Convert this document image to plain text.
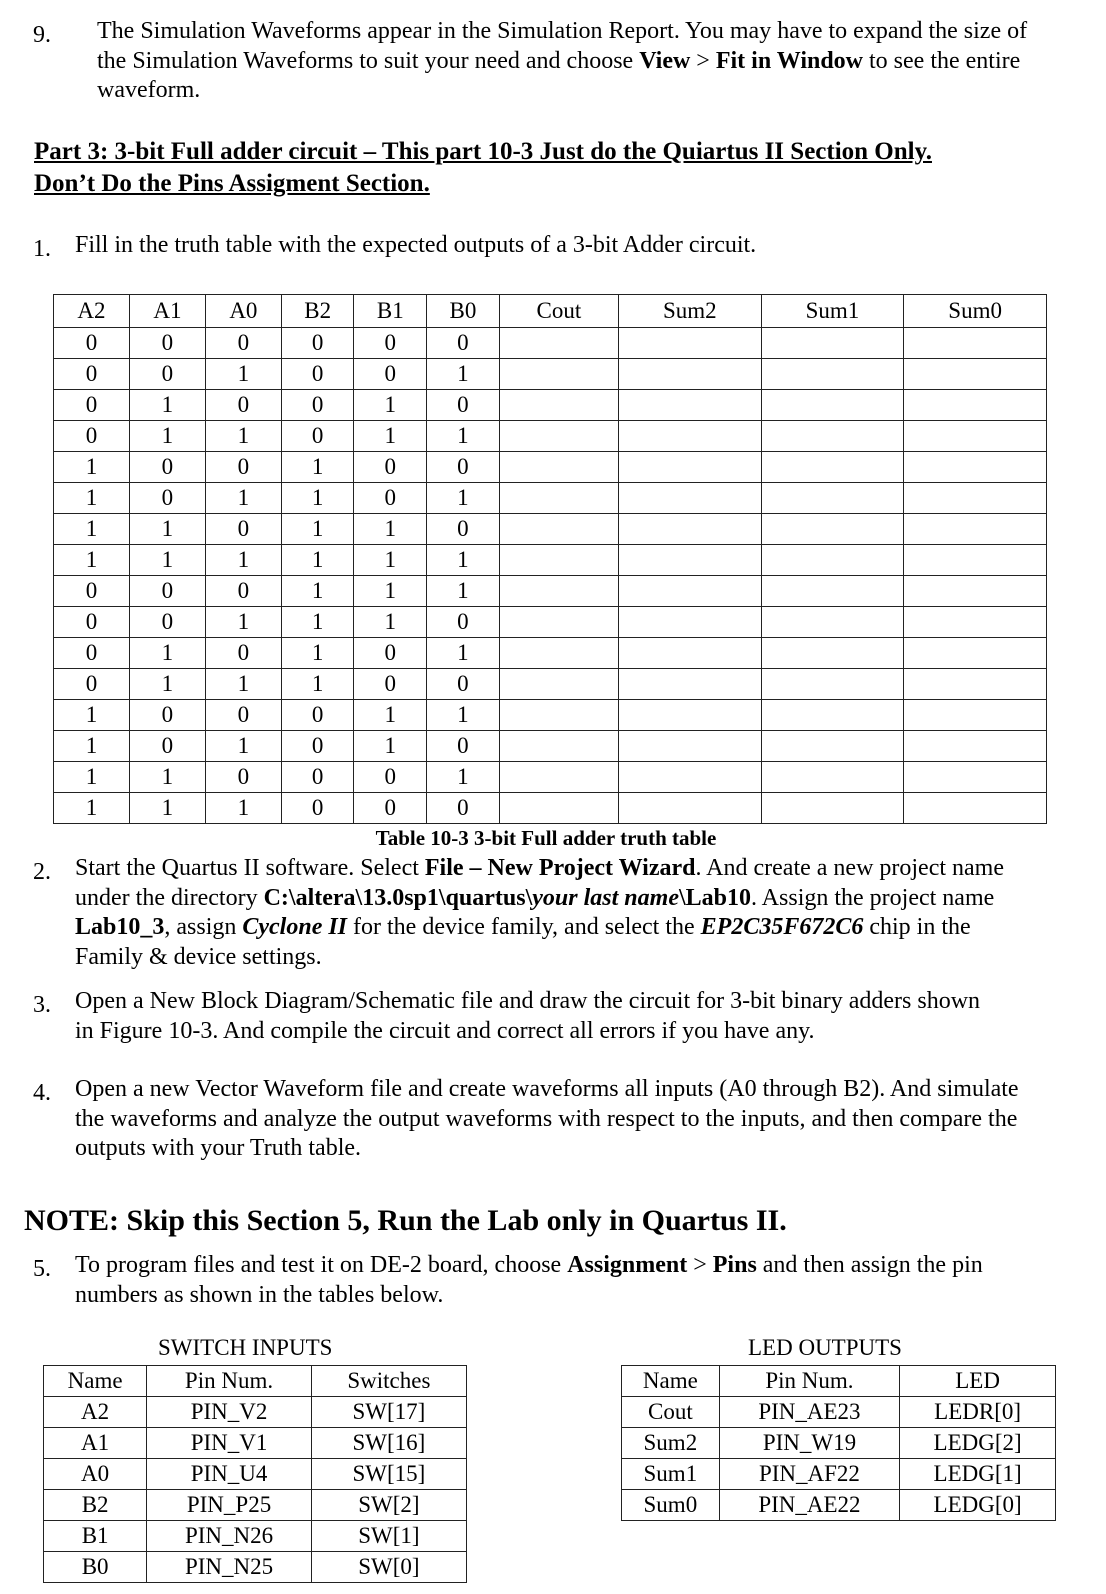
9. The Simulation Waveforms appear in the Simulation Report. You may have to expand the size of the Simulation Waveforms to suit your need and choose View > Fit in Window to see the entire waveform.
Part 3: 3-bit Full adder circuit – This part 10-3 Just do the Quiartus II Section Only.
Don’t Do the Pins Assigment Section.
1. Fill in the truth table with the expected outputs of a 3-bit Adder circuit.
A2	A1	A0	B2	B1	B0	Cout	Sum2	Sum1	Sum0
0	0	0	0	0	0				
0	0	1	0	0	1				
0	1	0	0	1	0				
0	1	1	0	1	1				
1	0	0	1	0	0				
1	0	1	1	0	1				
1	1	0	1	1	0				
1	1	1	1	1	1				
0	0	0	1	1	1				
0	0	1	1	1	0				
0	1	0	1	0	1				
0	1	1	1	0	0				
1	0	0	0	1	1				
1	0	1	0	1	0				
1	1	0	0	0	1				
1	1	1	0	0	0				
Table 10-3 3-bit Full adder truth table
2. Start the Quartus II software. Select File – New Project Wizard. And create a new project name under the directory C:\altera\13.0sp1\quartus\your last name\Lab10. Assign the project name Lab10_3, assign Cyclone II for the device family, and select the EP2C35F672C6 chip in the Family & device settings.
3. Open a New Block Diagram/Schematic file and draw the circuit for 3-bit binary adders shown in Figure 10-3. And compile the circuit and correct all errors if you have any.
4. Open a new Vector Waveform file and create waveforms all inputs (A0 through B2). And simulate the waveforms and analyze the output waveforms with respect to the inputs, and then compare the outputs with your Truth table.
NOTE: Skip this Section 5, Run the Lab only in Quartus II.
5. To program files and test it on DE-2 board, choose Assignment > Pins and then assign the pin numbers as shown in the tables below.
SWITCH INPUTS
Name	Pin Num.	Switches
A2	PIN_V2	SW[17]
A1	PIN_V1	SW[16]
A0	PIN_U4	SW[15]
B2	PIN_P25	SW[2]
B1	PIN_N26	SW[1]
B0	PIN_N25	SW[0]
LED OUTPUTS
Name	Pin Num.	LED
Cout	PIN_AE23	LEDR[0]
Sum2	PIN_W19	LEDG[2]
Sum1	PIN_AF22	LEDG[1]
Sum0	PIN_AE22	LEDG[0]
